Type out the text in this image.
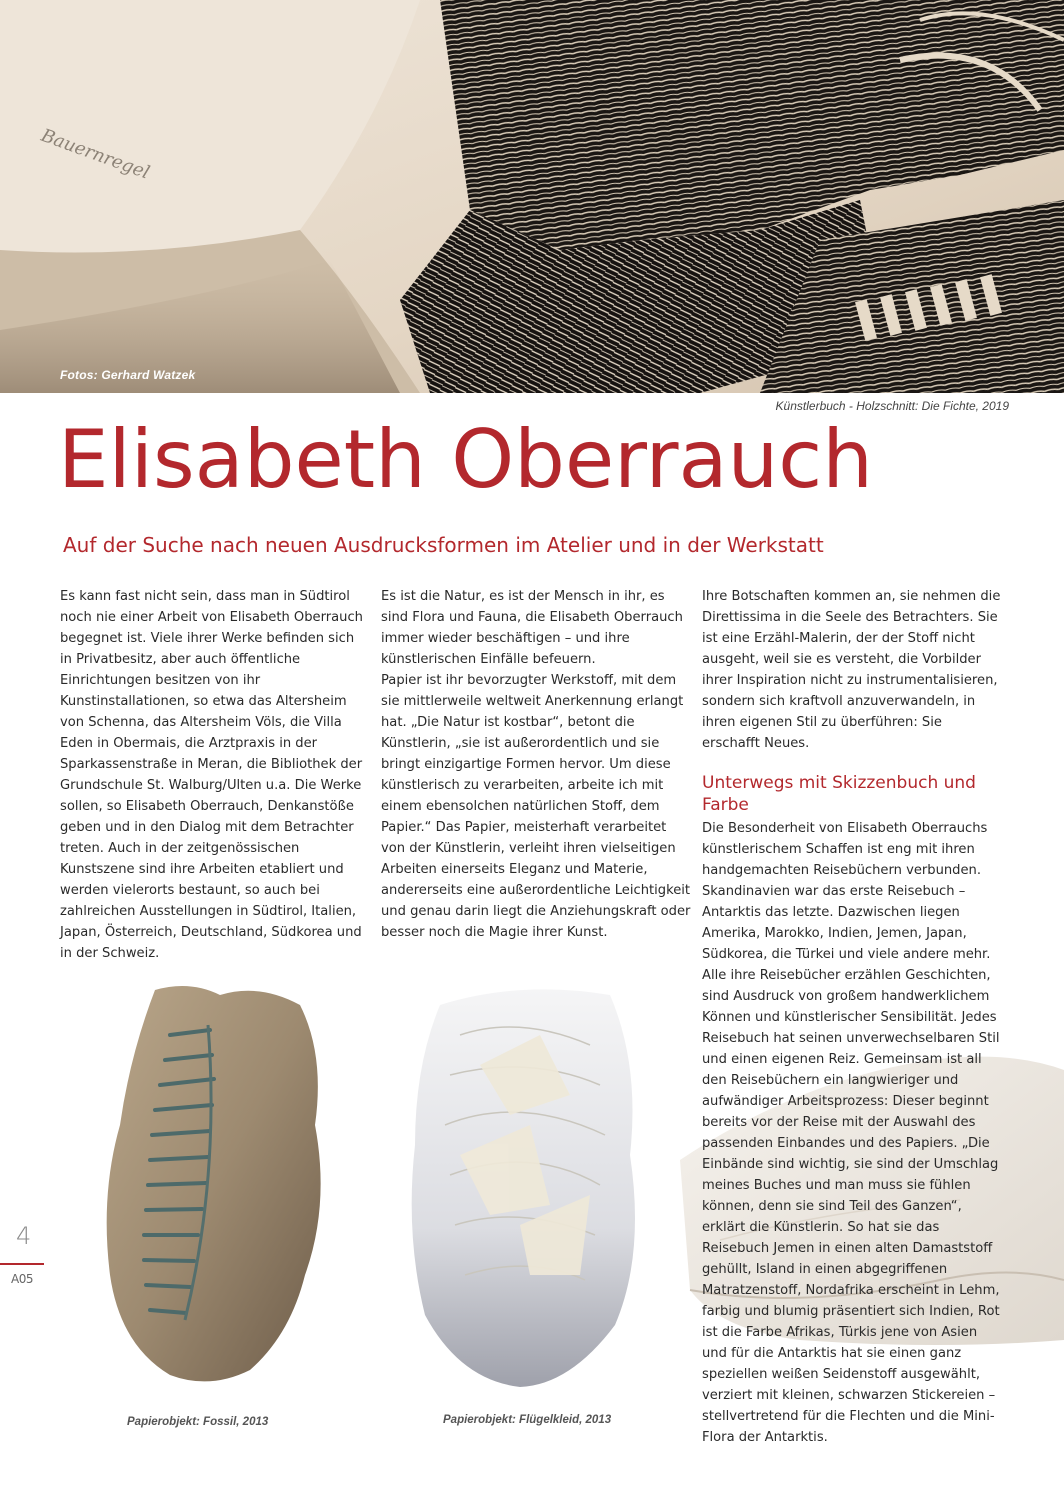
Bauernregel
Fotos: Gerhard Watzek
Künstlerbuch - Holzschnitt: Die Fichte, 2019
Elisabeth Oberrauch
Auf der Suche nach neuen Ausdrucksformen im Atelier und in der Werkstatt

Es kann fast nicht sein, dass man in Südtirol noch nie einer Arbeit von Elisabeth Oberrauch begegnet ist. Viele ihrer Werke befinden sich in Privatbesitz, aber auch öffentliche Einrichtungen besitzen von ihr Kunstinstallationen, so etwa das Altersheim von Schenna, das Altersheim Völs, die Villa Eden in Obermais, die Arztpraxis in der Sparkassenstraße in Meran, die Bibliothek der Grundschule St. Walburg/Ulten u.a. Die Werke sollen, so Elisabeth Oberrauch, Denkanstöße geben und in den Dialog mit dem Betrachter treten. Auch in der zeitgenössischen Kunstszene sind ihre Arbeiten etabliert und werden vielerorts bestaunt, so auch bei zahlreichen Ausstellungen in Südtirol, Italien, Japan, Österreich, Deutschland, Südkorea und in der Schweiz.

Es ist die Natur, es ist der Mensch in ihr, es sind Flora und Fauna, die Elisabeth Oberrauch immer wieder beschäftigen – und ihre künstlerischen Einfälle befeuern.

Papier ist ihr bevorzugter Werkstoff, mit dem sie mittlerweile weltweit Anerkennung erlangt hat. „Die Natur ist kostbar“, betont die Künstlerin, „sie ist außerordentlich und sie bringt einzigartige Formen hervor. Um diese künstlerisch zu verarbeiten, arbeite ich mit einem ebensolchen natürlichen Stoff, dem Papier.“ Das Papier, meisterhaft verarbeitet von der Künstlerin, verleiht ihren vielseitigen Arbeiten einerseits Eleganz und Materie, andererseits eine außerordentliche Leichtigkeit und genau darin liegt die Anziehungskraft oder besser noch die Magie ihrer Kunst.

Ihre Botschaften kommen an, sie nehmen die Direttissima in die Seele des Betrachters. Sie ist eine Erzähl-Malerin, der der Stoff nicht ausgeht, weil sie es versteht, die Vorbilder ihrer Inspiration nicht zu instrumentalisieren, sondern sich kraftvoll anzuverwandeln, in ihren eigenen Stil zu überführen: Sie erschafft Neues.

Unterwegs mit Skizzenbuch und Farbe

Die Besonderheit von Elisabeth Oberrauchs künstlerischem Schaffen ist eng mit ihren handgemachten Reisebüchern verbunden. Skandinavien war das erste Reisebuch – Antarktis das letzte. Dazwischen liegen Amerika, Marokko, Indien, Jemen, Japan, Südkorea, die Türkei und viele andere mehr. Alle ihre Reisebücher erzählen Geschichten, sind Ausdruck von großem handwerklichem Können und künstlerischer Sensibilität. Jedes Reisebuch hat seinen unverwechselbaren Stil und einen eigenen Reiz. Gemeinsam ist all den Reisebüchern ein langwieriger und aufwändiger Arbeitsprozess: Dieser beginnt bereits vor der Reise mit der Auswahl des passenden Einbandes und des Papiers. „Die Einbände sind wichtig, sie sind der Umschlag meines Buches und man muss sie fühlen können, denn sie sind Teil des Ganzen“, erklärt die Künstlerin. So hat sie das Reisebuch Jemen in einen alten Damaststoff gehüllt, Island in einen abgegriffenen Matratzenstoff, Nordafrika erscheint in Lehm, farbig und blumig präsentiert sich Indien, Rot ist die Farbe Afrikas, Türkis jene von Asien und für die Antarktis hat sie einen ganz speziellen weißen Seidenstoff ausgewählt, verziert mit kleinen, schwarzen Stickereien – stellvertretend für die Flechten und die Mini-Flora der Antarktis.

Papierobjekt: Fossil, 2013	Papierobjekt: Flügelkleid, 2013
4
A05
